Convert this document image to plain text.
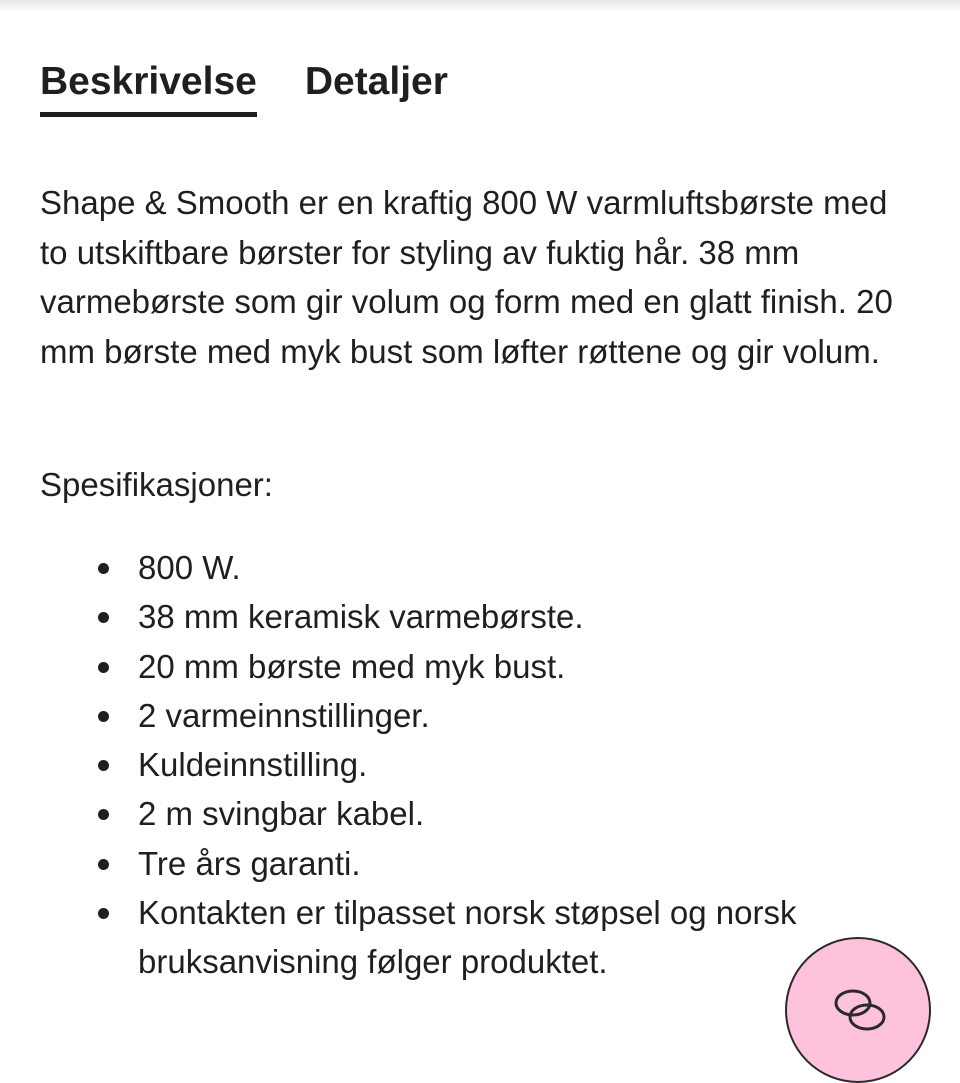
Beskrivelse Detaljer

Shape & Smooth er en kraftig 800 W varmluftsbørste med to utskiftbare børster for styling av fuktig hår. 38 mm varmebørste som gir volum og form med en glatt finish. 20 mm børste med myk bust som løfter røttene og gir volum.

Spesifikasjoner:

800 W.
38 mm keramisk varmebørste.
20 mm børste med myk bust.
2 varmeinnstillinger.
Kuldeinnstilling.
2 m svingbar kabel.
Tre års garanti.
Kontakten er tilpasset norsk støpsel og norsk bruksanvisning følger produktet.
